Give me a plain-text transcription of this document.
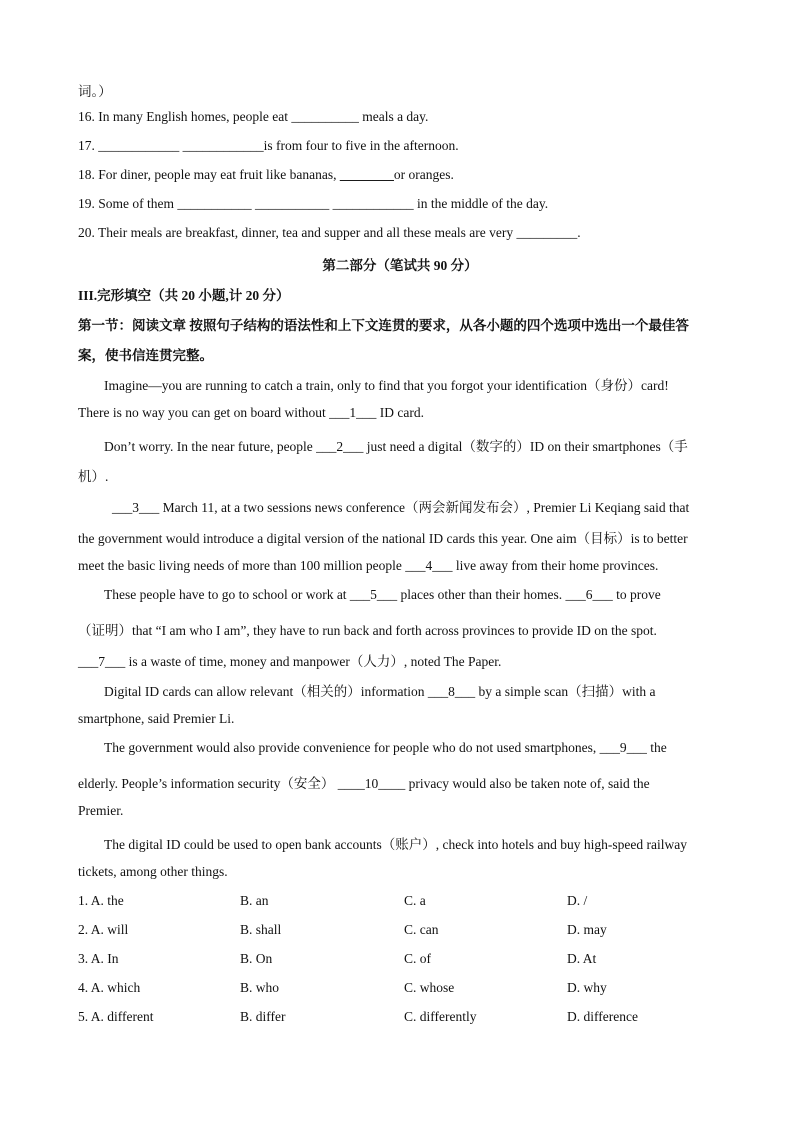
词。）
16. In many English homes, people eat __________ meals a day.
17. ____________ ____________is from four to five in the afternoon.
18. For diner, people may eat fruit like bananas, ________or oranges.
19. Some of them ___________ ___________ ____________ in the middle of the day.
20. Their meals are breakfast, dinner, tea and supper and all these meals are very _________.
第二部分（笔试共 90 分）
III.完形填空（共 20 小题,计 20 分）
第一节：阅读文章 按照句子结构的语法性和上下文连贯的要求，从各小题的四个选项中选出一个最佳答
案，使书信连贯完整。
Imagine—you are running to catch a train, only to find that you forgot your identification（身份）card!
There is no way you can get on board without ___1___ ID card.
Don’t worry. In the near future, people ___2___ just need a digital（数字的）ID on their smartphones（手
机）.
___3___ March 11, at a two sessions news conference（两会新闻发布会）, Premier Li Keqiang said that
the government would introduce a digital version of the national ID cards this year. One aim（目标）is to better
meet the basic living needs of more than 100 million people ___4___ live away from their home provinces.
These people have to go to school or work at ___5___ places other than their homes. ___6___ to prove
（证明）that “I am who I am”, they have to run back and forth across provinces to provide ID on the spot.
___7___ is a waste of time, money and manpower（人力）, noted The Paper.
Digital ID cards can allow relevant（相关的）information ___8___ by a simple scan（扫描）with a
smartphone, said Premier Li.
The government would also provide convenience for people who do not used smartphones, ___9___ the
elderly. People’s information security（安全） ____10____ privacy would also be taken note of, said the
Premier.
The digital ID could be used to open bank accounts（账户）, check into hotels and buy high-speed railway
tickets, among other things.
1. A. the	B. an	C. a	D. /
2. A. will	B. shall	C. can	D. may
3. A. In	B. On	C. of	D. At
4. A. which	B. who	C. whose	D. why
5. A. different	B. differ	C. differently	D. difference
